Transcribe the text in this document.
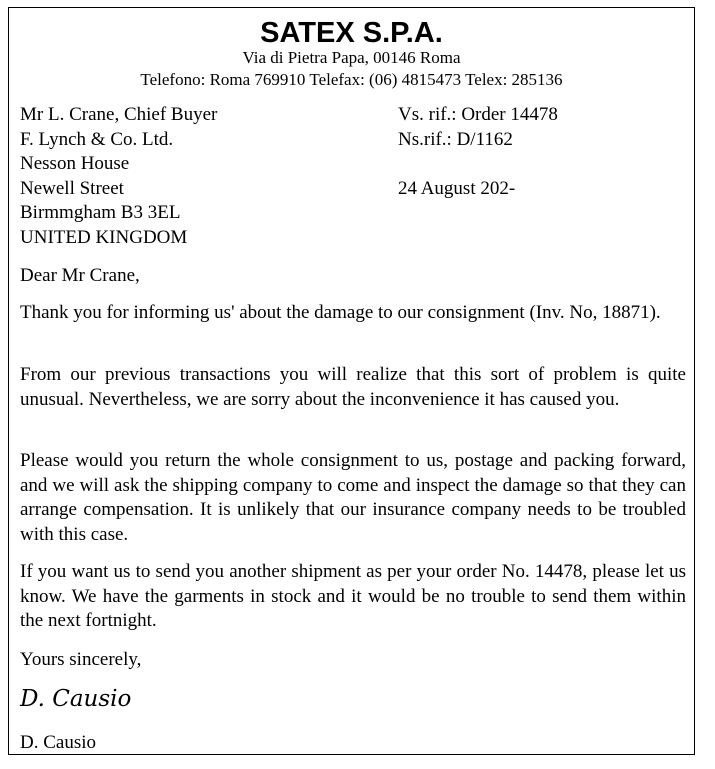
SATEX S.P.A.
Via di Pietra Papa, 00146 Roma
Telefono: Roma 769910 Telefax: (06) 4815473 Telex: 285136
Mr L. Crane, Chief Buyer
F. Lynch & Co. Ltd.
Nesson House
Newell Street
Birmmgham B3 3EL
UNITED KINGDOM
Vs. rif.: Order 14478
Ns.rif.: D/1162
24 August 202-
Dear Mr Crane,
Thank you for informing us' about the damage to our consignment (Inv. No, 18871).
From our previous transactions you will realize that this sort of problem is quite unusual. Nevertheless, we are sorry about the inconvenience it has caused you.
Please would you return the whole consignment to us, postage and packing forward, and we will ask the shipping company to come and inspect the damage so that they can arrange compensation. It is unlikely that our insurance company needs to be troubled with this case.
If you want us to send you another shipment as per your order No. 14478, please let us know. We have the garments in stock and it would be no trouble to send them within the next fortnight.
Yours sincerely,
D. Causio
D. Causio
